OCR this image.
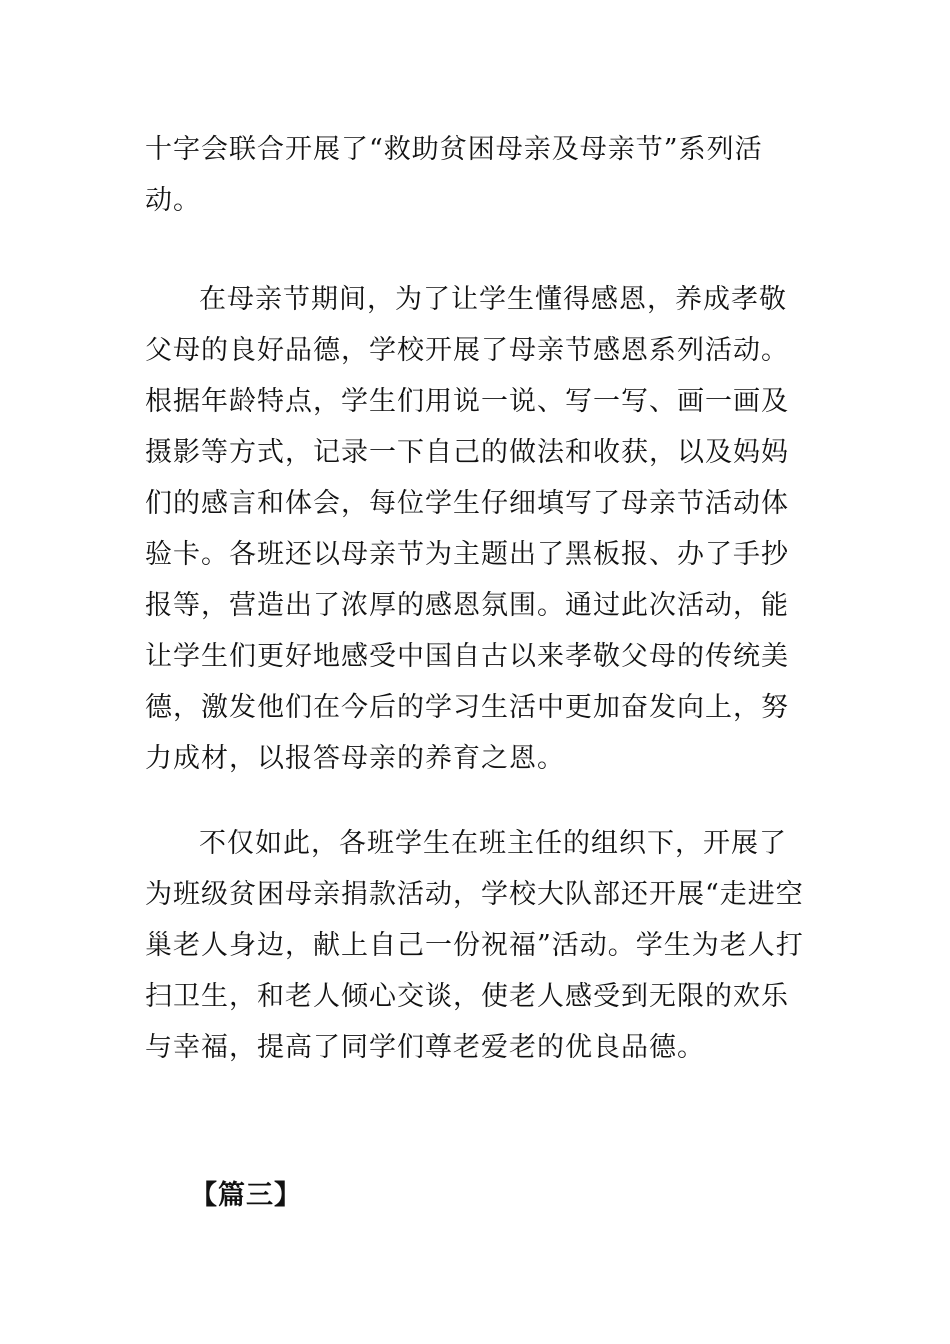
十字会联合开展了“救助贫困母亲及母亲节”系列活动。

在母亲节期间，为了让学生懂得感恩，养成孝敬父母的良好品德，学校开展了母亲节感恩系列活动。根据年龄特点，学生们用说一说、写一写、画一画及摄影等方式，记录一下自己的做法和收获，以及妈妈们的感言和体会，每位学生仔细填写了母亲节活动体验卡。各班还以母亲节为主题出了黑板报、办了手抄报等，营造出了浓厚的感恩氛围。通过此次活动，能让学生们更好地感受中国自古以来孝敬父母的传统美德，激发他们在今后的学习生活中更加奋发向上，努力成材，以报答母亲的养育之恩。

不仅如此，各班学生在班主任的组织下，开展了为班级贫困母亲捐款活动，学校大队部还开展“走进空巢老人身边，献上自己一份祝福”活动。学生为老人打扫卫生，和老人倾心交谈，使老人感受到无限的欢乐与幸福，提高了同学们尊老爱老的优良品德。

【篇三】
